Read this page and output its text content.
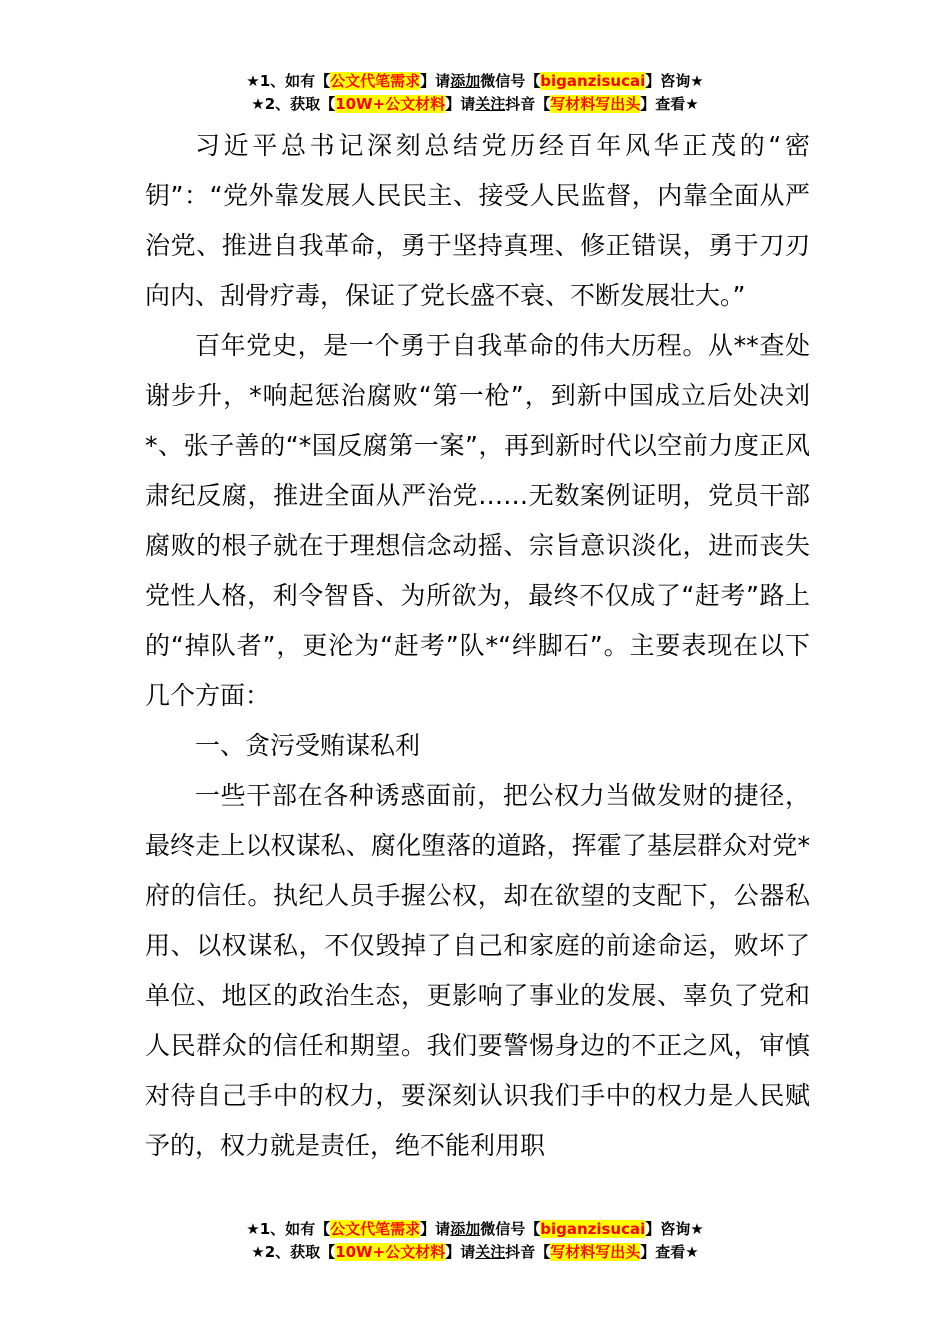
★1、如有【公文代笔需求】请添加微信号【biganzisucai】咨询★
★2、获取【10W+公文材料】请关注抖音【写材料写出头】查看★

习近平总书记深刻总结党历经百年风华正茂的“密钥”：“党外靠发展人民民主、接受人民监督，内靠全面从严治党、推进自我革命，勇于坚持真理、修正错误，勇于刀刃向内、刮骨疗毒，保证了党长盛不衰、不断发展壮大。”

百年党史，是一个勇于自我革命的伟大历程。从**查处谢步升，*响起惩治腐败“第一枪”，到新中国成立后处决刘*、张子善的“*国反腐第一案”，再到新时代以空前力度正风肃纪反腐，推进全面从严治党……无数案例证明，党员干部腐败的根子就在于理想信念动摇、宗旨意识淡化，进而丧失党性人格，利令智昏、为所欲为，最终不仅成了“赶考”路上的“掉队者”，更沦为“赶考”队*“绊脚石”。主要表现在以下几个方面：

一、贪污受贿谋私利

一些干部在各种诱惑面前，把公权力当做发财的捷径，最终走上以权谋私、腐化堕落的道路，挥霍了基层群众对党*府的信任。执纪人员手握公权，却在欲望的支配下，公器私用、以权谋私，不仅毁掉了自己和家庭的前途命运，败坏了单位、地区的政治生态，更影响了事业的发展、辜负了党和人民群众的信任和期望。我们要警惕身边的不正之风，审慎对待自己手中的权力，要深刻认识我们手中的权力是人民赋予的，权力就是责任，绝不能利用职

★1、如有【公文代笔需求】请添加微信号【biganzisucai】咨询★
★2、获取【10W+公文材料】请关注抖音【写材料写出头】查看★
